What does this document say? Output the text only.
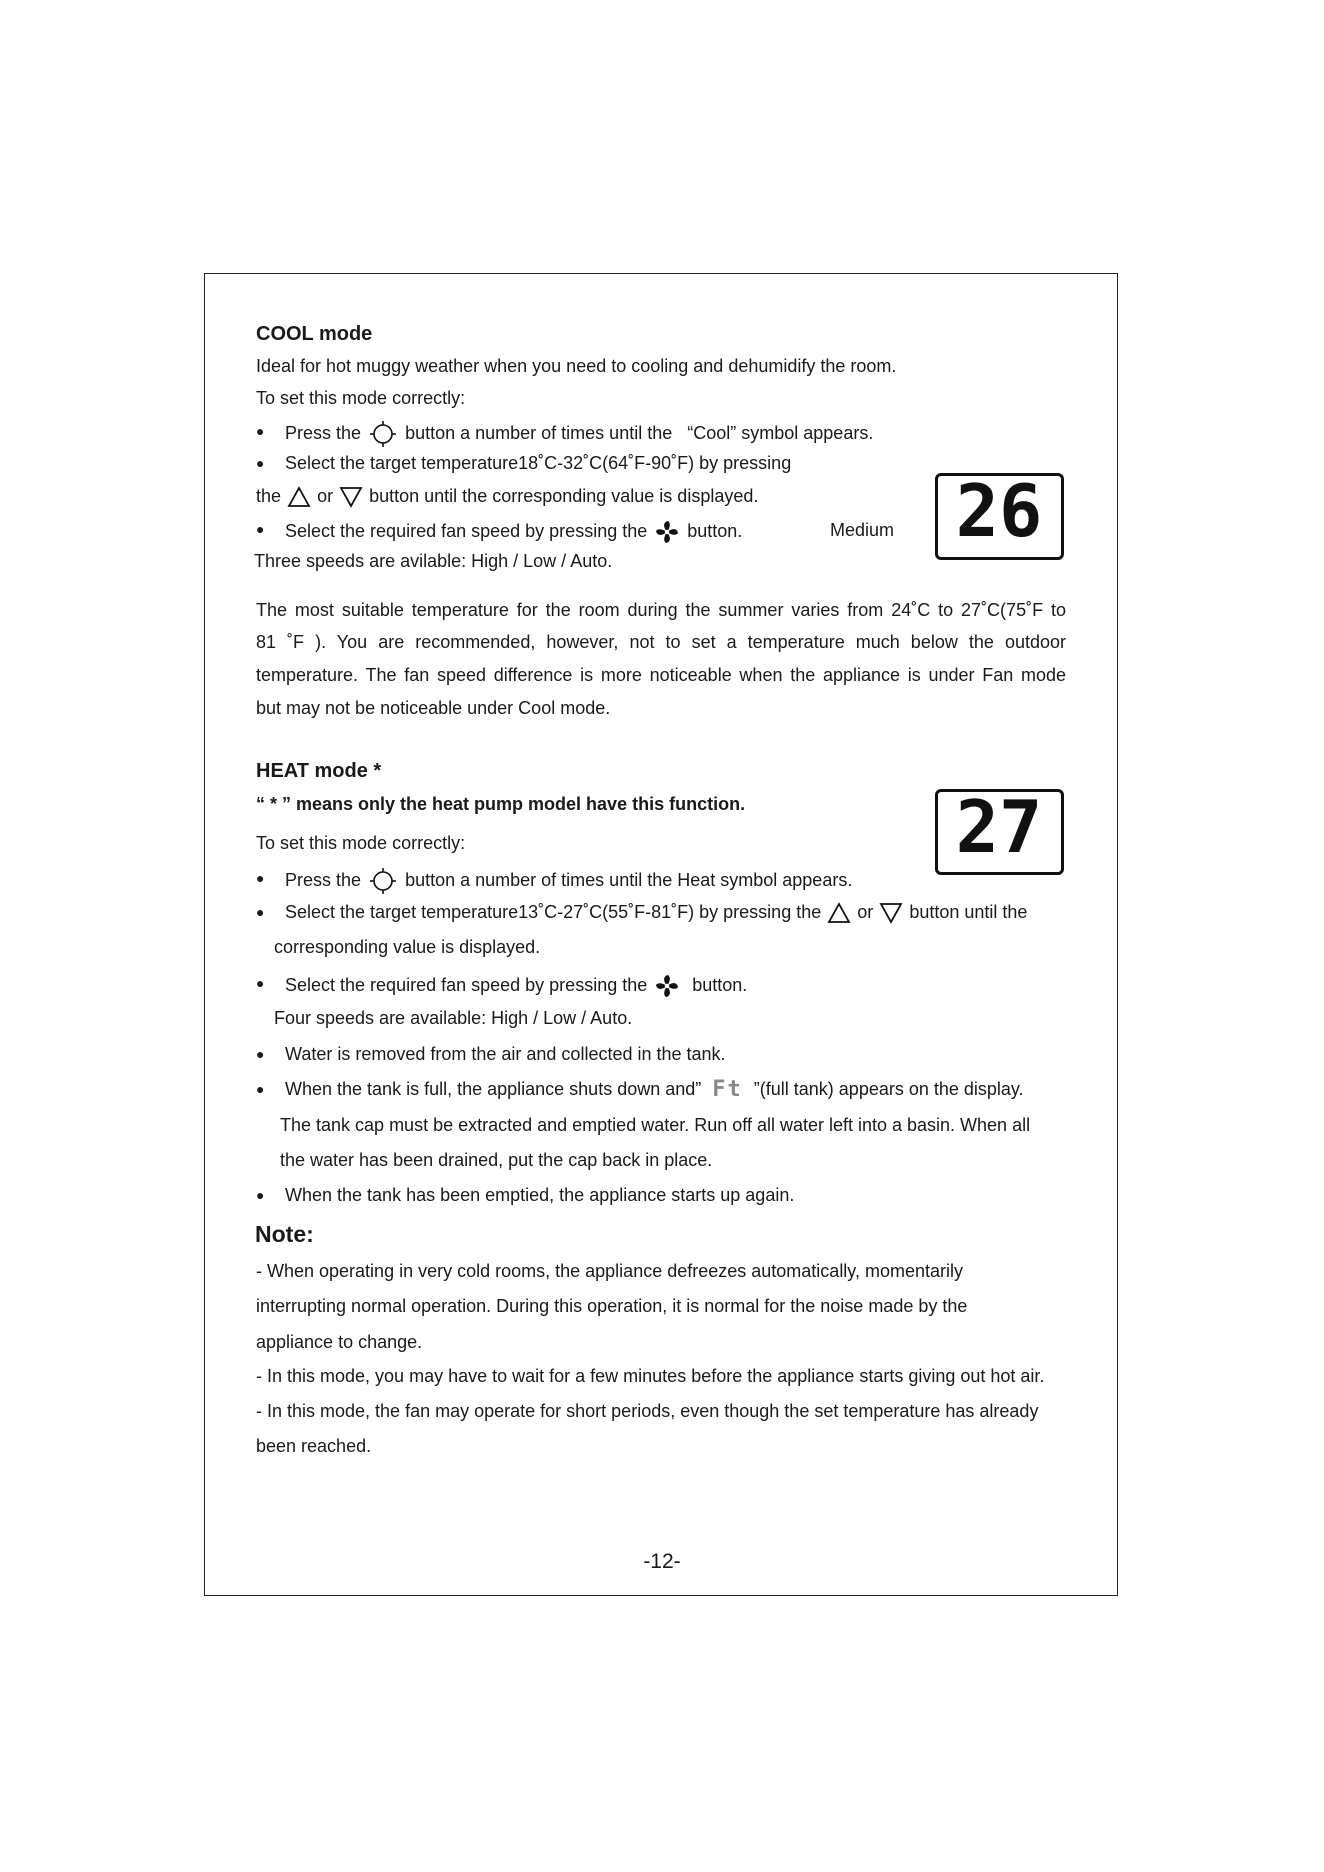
COOL mode
Ideal for hot muggy weather when you need to cooling and dehumidify the room.
To set this mode correctly:
● Press the button a number of times until the “Cool” symbol appears.
● Select the target temperature18˚C-32˚C(64˚F-90˚F) by pressing
the or button until the corresponding value is displayed.
● Select the required fan speed by pressing the button.	Medium
Three speeds are avilable: High / Low / Auto.
26
The most suitable temperature for the room during the summer varies from 24˚C to 27˚C(75˚F to
81 ˚F ). You are recommended, however, not to set a temperature much below the outdoor
temperature. The fan speed difference is more noticeable when the appliance is under Fan mode
but may not be noticeable under Cool mode.
HEAT mode *
“ * ” means only the heat pump model have this function.
To set this mode correctly:	27
● Press the button a number of times until the Heat symbol appears.
● Select the target temperature13˚C-27˚C(55˚F-81˚F) by pressing the or button until the
corresponding value is displayed.
● Select the required fan speed by pressing the	button.
Four speeds are available: High / Low / Auto.
● Water is removed from the air and collected in the tank.
● When the tank is full, the appliance shuts down and” Ft ”(full tank) appears on the display.
The tank cap must be extracted and emptied water. Run off all water left into a basin. When all
the water has been drained, put the cap back in place.
● When the tank has been emptied, the appliance starts up again.
Note:
- When operating in very cold rooms, the appliance defreezes automatically, momentarily
interrupting normal operation. During this operation, it is normal for the noise made by the
appliance to change.
- In this mode, you may have to wait for a few minutes before the appliance starts giving out hot air.
- In this mode, the fan may operate for short periods, even though the set temperature has already
been reached.
-12-
